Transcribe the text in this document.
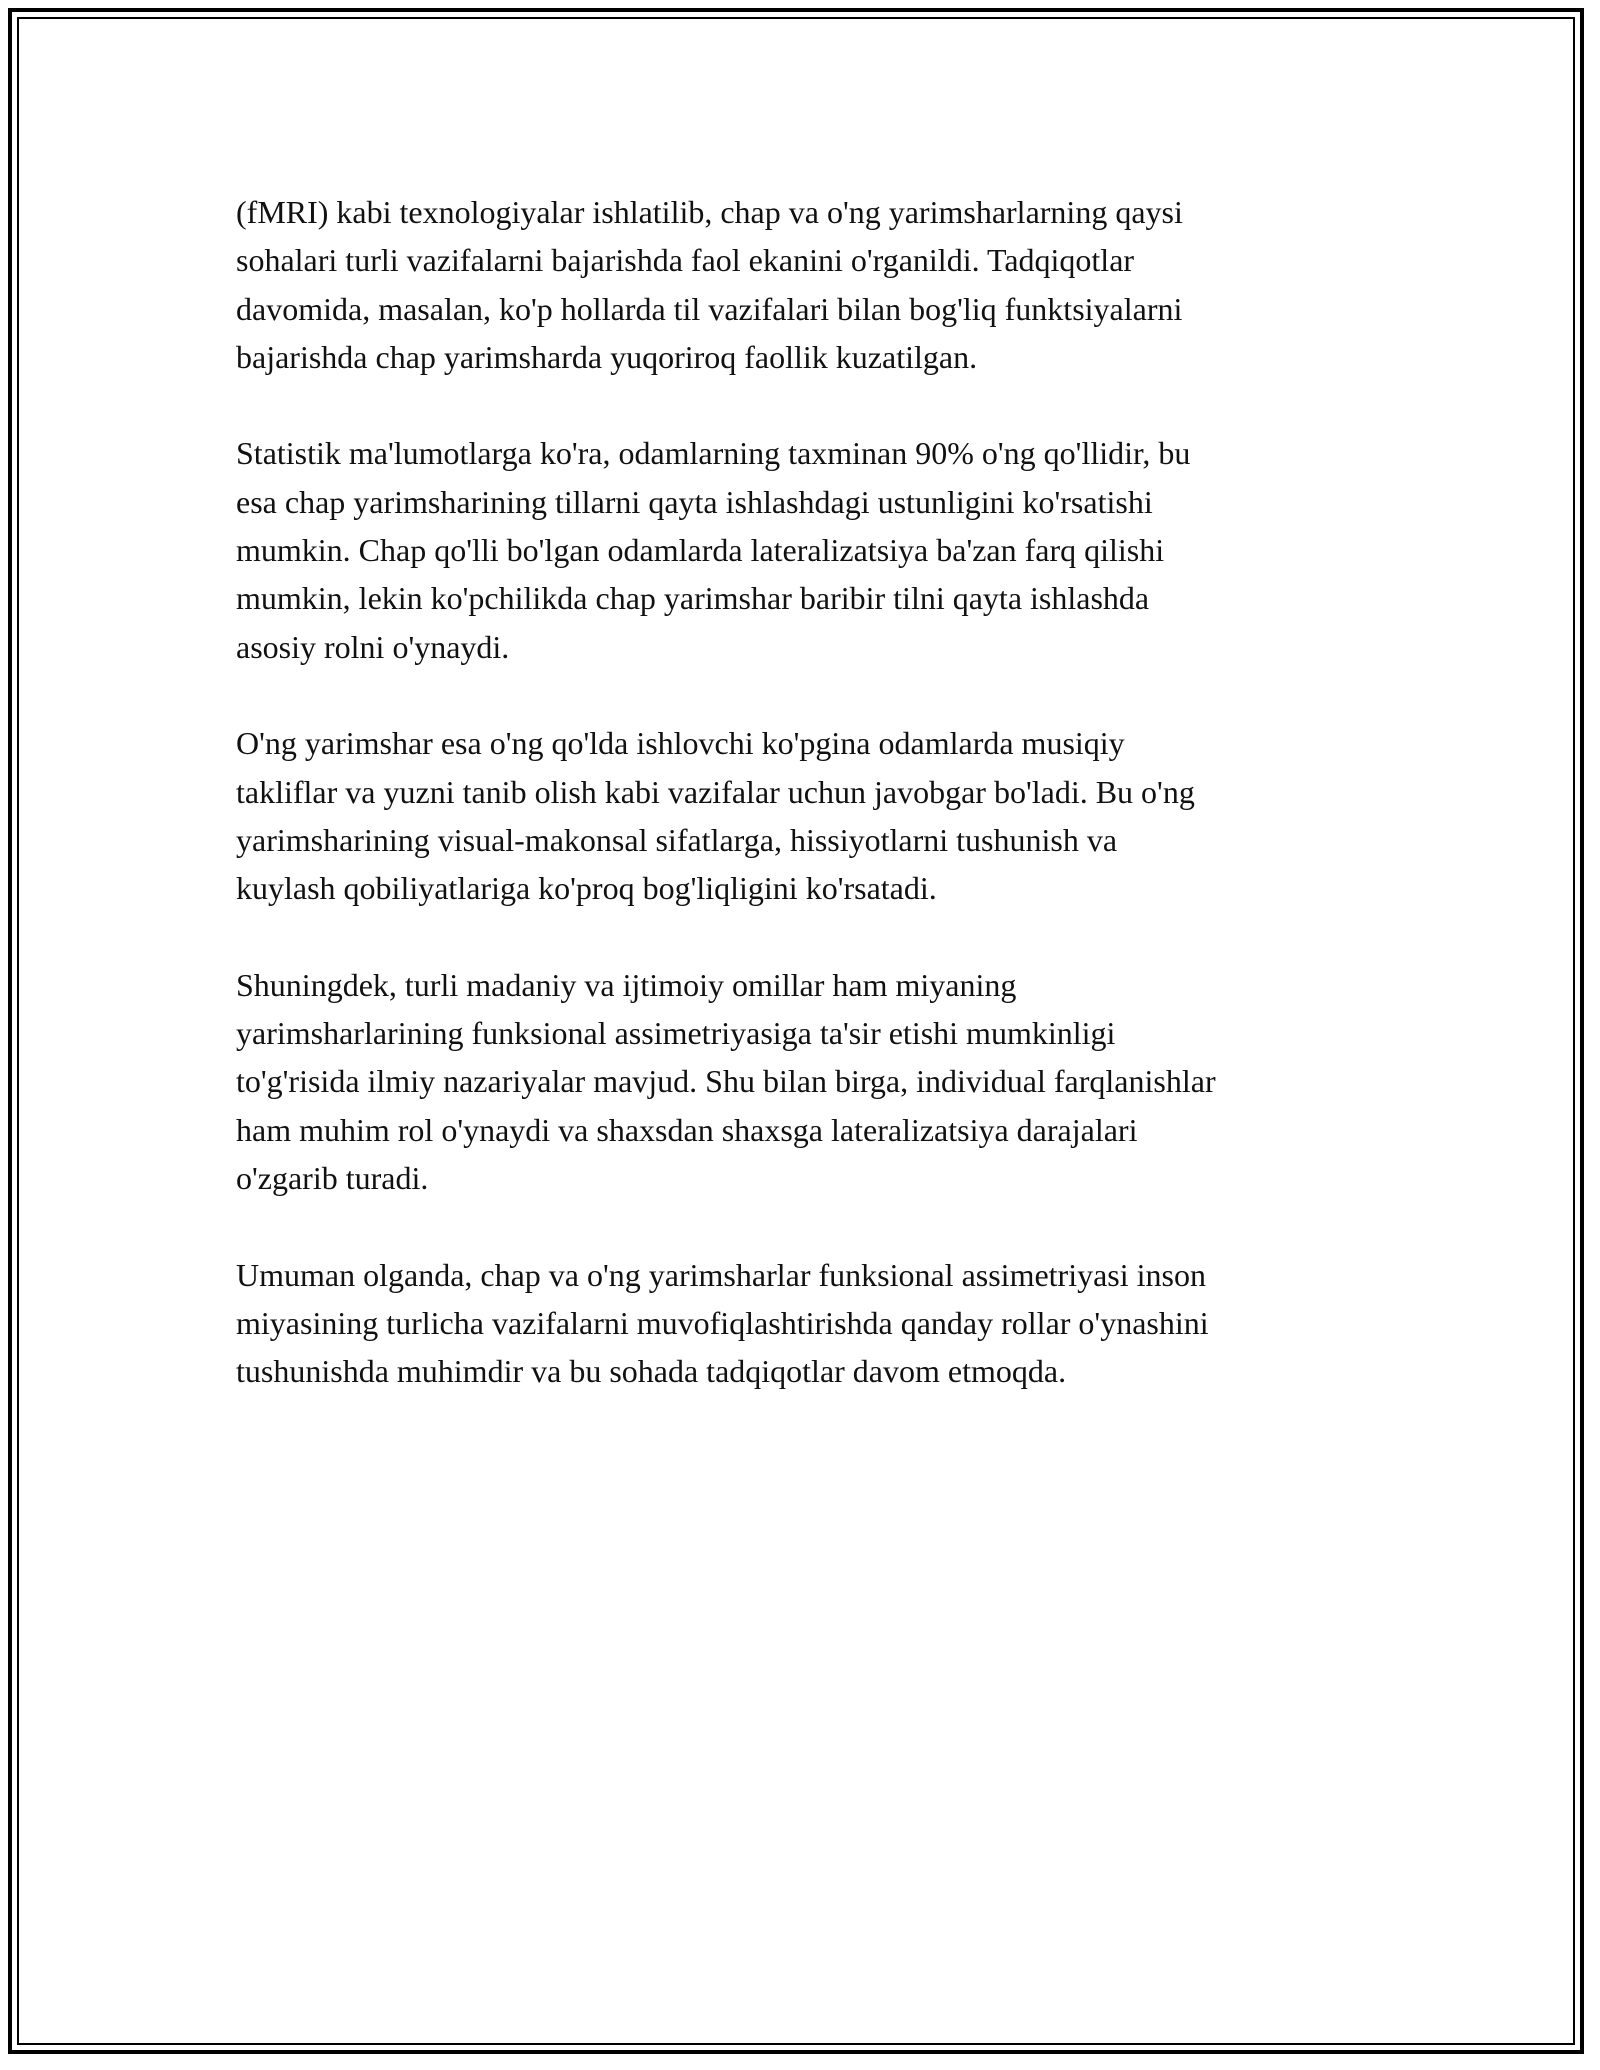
(fMRI) kabi texnologiyalar ishlatilib, chap va o'ng yarimsharlarning qaysi
sohalari turli vazifalarni bajarishda faol ekanini o'rganildi. Tadqiqotlar
davomida, masalan, ko'p hollarda til vazifalari bilan bog'liq funktsiyalarni
bajarishda chap yarimsharda yuqoriroq faollik kuzatilgan.

Statistik ma'lumotlarga ko'ra, odamlarning taxminan 90% o'ng qo'llidir, bu
esa chap yarimsharining tillarni qayta ishlashdagi ustunligini ko'rsatishi
mumkin. Chap qo'lli bo'lgan odamlarda lateralizatsiya ba'zan farq qilishi
mumkin, lekin ko'pchilikda chap yarimshar baribir tilni qayta ishlashda
asosiy rolni o'ynaydi.

O'ng yarimshar esa o'ng qo'lda ishlovchi ko'pgina odamlarda musiqiy
takliflar va yuzni tanib olish kabi vazifalar uchun javobgar bo'ladi. Bu o'ng
yarimsharining visual-makonsal sifatlarga, hissiyotlarni tushunish va
kuylash qobiliyatlariga ko'proq bog'liqligini ko'rsatadi.

Shuningdek, turli madaniy va ijtimoiy omillar ham miyaning
yarimsharlarining funksional assimetriyasiga ta'sir etishi mumkinligi
to'g'risida ilmiy nazariyalar mavjud. Shu bilan birga, individual farqlanishlar
ham muhim rol o'ynaydi va shaxsdan shaxsga lateralizatsiya darajalari
o'zgarib turadi.

Umuman olganda, chap va o'ng yarimsharlar funksional assimetriyasi inson
miyasining turlicha vazifalarni muvofiqlashtirishda qanday rollar o'ynashini
tushunishda muhimdir va bu sohada tadqiqotlar davom etmoqda.
